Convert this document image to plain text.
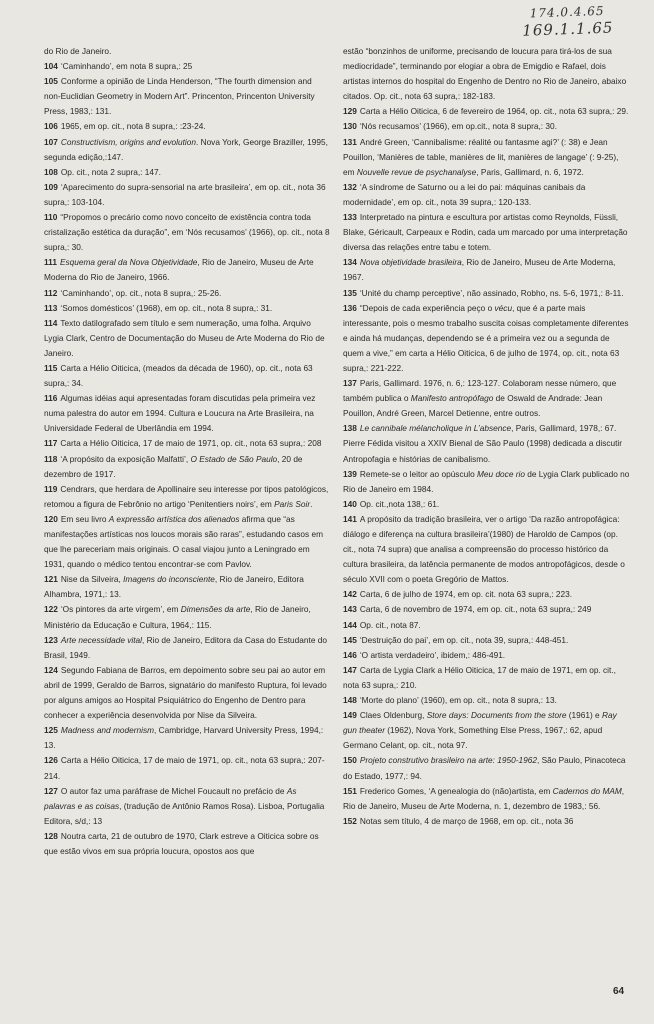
174.0.4.65
169.1.1.65

do Rio de Janeiro.

104 ‘Caminhando’, em nota 8 supra,: 25

105 Conforme a opinião de Linda Henderson, “The fourth dimension and non-Euclidian Geometry in Modern Art”. Princenton, Princenton University Press, 1983,: 131.

106 1965, em op. cit., nota 8 supra,: :23-24.

107 Constructivism, origins and evolution. Nova York, George Braziller, 1995, segunda edição,:147.

108 Op. cit., nota 2 supra,: 147.

109 ‘Aparecimento do supra-sensorial na arte brasileira’, em op. cit., nota 36 supra,: 103-104.

110 “Propomos o precário como novo conceito de existência contra toda cristalização estética da duração”, em ‘Nós recusamos’ (1966), op. cit., nota 8 supra,: 30.

111 Esquema geral da Nova Objetividade, Rio de Janeiro, Museu de Arte Moderna do Rio de Janeiro, 1966.

112 ‘Caminhando’, op. cit., nota 8 supra,: 25-26.

113 ‘Somos domésticos’ (1968), em op. cit., nota 8 supra,: 31.

114 Texto datilografado sem título e sem numeração, uma folha. Arquivo Lygia Clark, Centro de Documentação do Museu de Arte Moderna do Rio de Janeiro.

115 Carta a Hélio Oiticica, (meados da década de 1960), op. cit., nota 63 supra,: 34.

116 Algumas idéias aqui apresentadas foram discutidas pela primeira vez numa palestra do autor em 1994. Cultura e Loucura na Arte Brasileira, na Universidade Federal de Uberlândia em 1994.

117 Carta a Hélio Oiticica, 17 de maio de 1971, op. cit., nota 63 supra,: 208

118 ‘A propósito da exposição Malfatti’, O Estado de São Paulo, 20 de dezembro de 1917.

119 Cendrars, que herdara de Apollinaire seu interesse por tipos patológicos, retomou a figura de Febrônio no artigo ‘Penitentiers noirs’, em Paris Soir.

120 Em seu livro A expressão artística dos alienados afirma que “as manifestações artísticas nos loucos morais são raras”, estudando casos em que lhe pareceriam mais originais. O casal viajou junto a Leningrado em 1931, quando o médico tentou encontrar-se com Pavlov.

121 Nise da Silveira, Imagens do inconsciente, Rio de Janeiro, Editora Alhambra, 1971,: 13.

122 ‘Os pintores da arte virgem’, em Dimensões da arte, Rio de Janeiro, Ministério da Educação e Cultura, 1964,: 115.

123 Arte necessidade vital, Rio de Janeiro, Editora da Casa do Estudante do Brasil, 1949.

124 Segundo Fabiana de Barros, em depoimento sobre seu pai ao autor em abril de 1999, Geraldo de Barros, signatário do manifesto Ruptura, foi levado por alguns amigos ao Hospital Psiquiátrico do Engenho de Dentro para conhecer a experiência desenvolvida por Nise da Silveira.

125 Madness and modernism, Cambridge, Harvard University Press, 1994,: 13.

126 Carta a Hélio Oiticica, 17 de maio de 1971, op. cit., nota 63 supra,: 207-214.

127 O autor faz uma paráfrase de Michel Foucault no prefácio de As palavras e as coisas, (tradução de Antônio Ramos Rosa). Lisboa, Portugalia Editora, s/d,: 13

128 Noutra carta, 21 de outubro de 1970, Clark estreve a Oiticica sobre os que estão vivos em sua própria loucura, opostos aos que

estão “bonzinhos de uniforme, precisando de loucura para tirá-los de sua mediocridade”, terminando por elogiar a obra de Emigdio e Rafael, dois artistas internos do hospital do Engenho de Dentro no Rio de Janeiro, abaixo citados. Op. cit., nota 63 supra,: 182-183.

129 Carta a Hélio Oiticica, 6 de fevereiro de 1964, op. cit., nota 63 supra,: 29.

130 ‘Nós recusamos’ (1966), em op.cit., nota 8 supra,: 30.

131 André Green, ‘Cannibalisme: réalité ou fantasme agi?’ (: 38) e Jean Pouillon, ‘Manières de table, manières de lit, manières de langage’ (: 9-25), em Nouvelle revue de psychanalyse, Paris, Gallimard, n. 6, 1972.

132 ‘A síndrome de Saturno ou a lei do pai: máquinas canibais da modernidade’, em op. cit., nota 39 supra,: 120-133.

133 Interpretado na pintura e escultura por artistas como Reynolds, Füssli, Blake, Géricault, Carpeaux e Rodin, cada um marcado por uma interpretação diversa das relações entre tabu e totem.

134 Nova objetividade brasileira, Rio de Janeiro, Museu de Arte Moderna, 1967.

135 ‘Unité du champ perceptive’, não assinado, Robho, ns. 5-6, 1971,: 8-11.

136 “Depois de cada experiência peço o vécu, que é a parte mais interessante, pois o mesmo trabalho suscita coisas completamente diferentes e ainda há mudanças, dependendo se é a primeira vez ou a segunda de quem a vive,” em carta a Hélio Oiticica, 6 de julho de 1974, op. cit., nota 63 supra,: 221-222.

137 Paris, Gallimard. 1976, n. 6,: 123-127. Colaboram nesse número, que também publica o Manifesto antropófago de Oswald de Andrade: Jean Pouillon, André Green, Marcel Detienne, entre outros.

138 Le cannibale mélancholique in L’absence, Paris, Gallimard, 1978,: 67. Pierre Fédida visitou a XXIV Bienal de São Paulo (1998) dedicada a discutir Antropofagia e histórias de canibalismo.

139 Remete-se o leitor ao opúsculo Meu doce rio de Lygia Clark publicado no Rio de Janeiro em 1984.

140 Op. cit.,nota 138,: 61.

141 A propósito da tradição brasileira, ver o artigo ‘Da razão antropofágica: diálogo e diferença na cultura brasileira’(1980) de Haroldo de Campos (op. cit., nota 74 supra) que analisa a compreensão do processo histórico da cultura brasileira, da latência permanente de modos antropofágicos, desde o século XVII com o poeta Gregório de Mattos.

142 Carta, 6 de julho de 1974, em op. cit. nota 63 supra,: 223.

143 Carta, 6 de novembro de 1974, em op. cit., nota 63 supra,: 249

144 Op. cit., nota 87.

145 ‘Destruição do pai’, em op. cit., nota 39, supra,: 448-451.

146 ‘O artista verdadeiro’, ibidem,: 486-491.

147 Carta de Lygia Clark a Hélio Oiticica, 17 de maio de 1971, em op. cit., nota 63 supra,: 210.

148 ‘Morte do plano’ (1960), em op. cit., nota 8 supra,: 13.

149 Claes Oldenburg, Store days: Documents from the store (1961) e Ray gun theater (1962), Nova York, Something Else Press, 1967,: 62, apud Germano Celant, op. cit., nota 97.

150 Projeto construtivo brasileiro na arte: 1950-1962, São Paulo, Pinacoteca do Estado, 1977,: 94.

151 Frederico Gomes, ‘A genealogia do (não)artista, em Cadernos do MAM, Rio de Janeiro, Museu de Arte Moderna, n. 1, dezembro de 1983,: 56.

152 Notas sem título, 4 de março de 1968, em op. cit., nota 36

64
